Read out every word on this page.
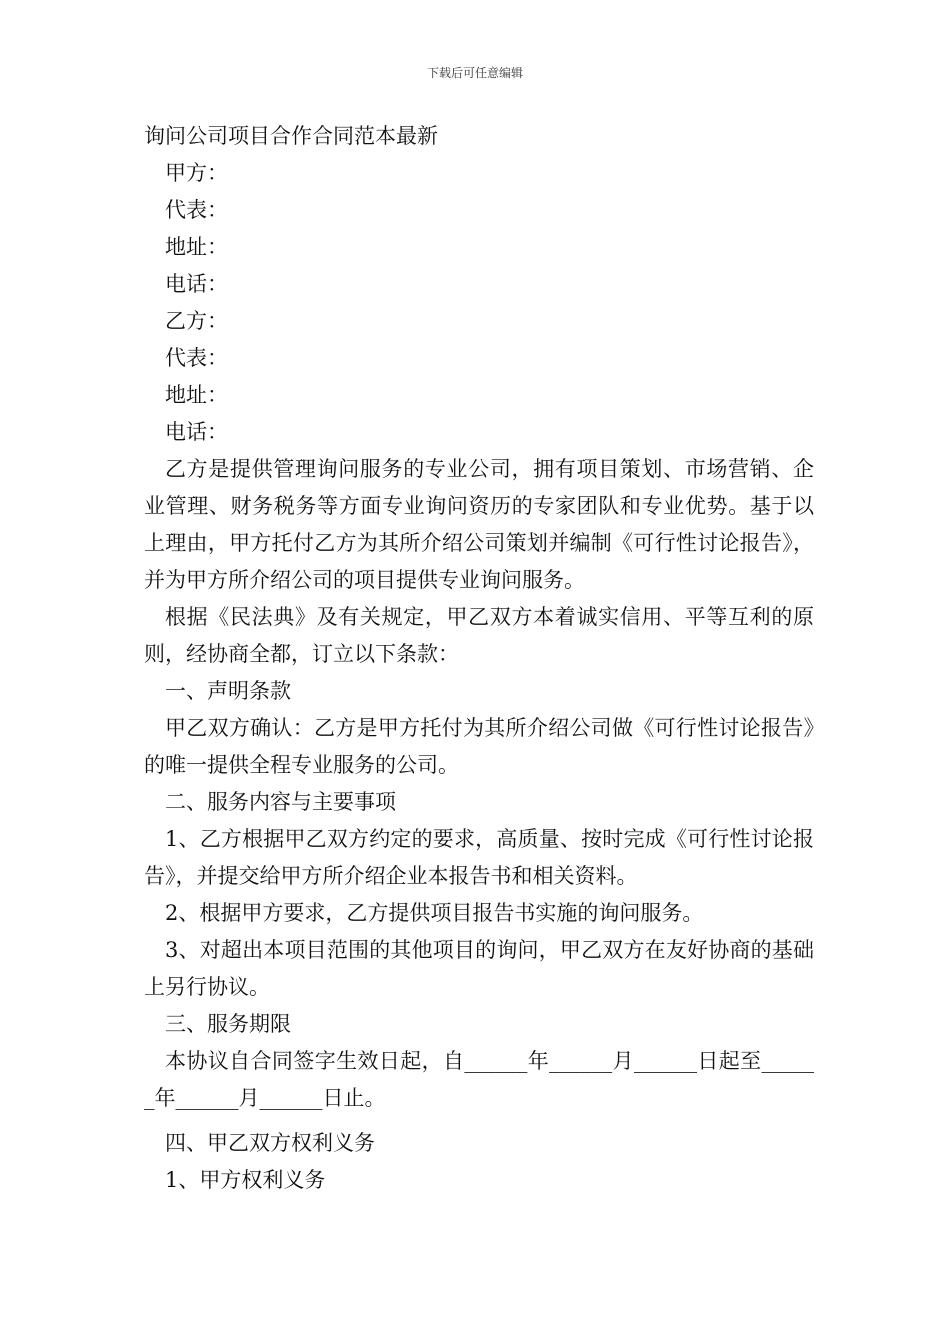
下载后可任意编辑

询问公司项目合作合同范本最新

甲方：

代表：

地址：

电话：

乙方：

代表：

地址：

电话：

乙方是提供管理询问服务的专业公司，拥有项目策划、市场营销、企业管理、财务税务等方面专业询问资历的专家团队和专业优势。基于以上理由，甲方托付乙方为其所介绍公司策划并编制《可行性讨论报告》，并为甲方所介绍公司的项目提供专业询问服务。

根据《民法典》及有关规定，甲乙双方本着诚实信用、平等互利的原则，经协商全都，订立以下条款：

一、声明条款

甲乙双方确认：乙方是甲方托付为其所介绍公司做《可行性讨论报告》的唯一提供全程专业服务的公司。

二、服务内容与主要事项

1、乙方根据甲乙双方约定的要求，高质量、按时完成《可行性讨论报告》，并提交给甲方所介绍企业本报告书和相关资料。

2、根据甲方要求，乙方提供项目报告书实施的询问服务。

3、对超出本项目范围的其他项目的询问，甲乙双方在友好协商的基础上另行协议。

三、服务期限

本协议自合同签字生效日起，自______年______月______日起至______年______月______日止。

四、甲乙双方权利义务

1、甲方权利义务
